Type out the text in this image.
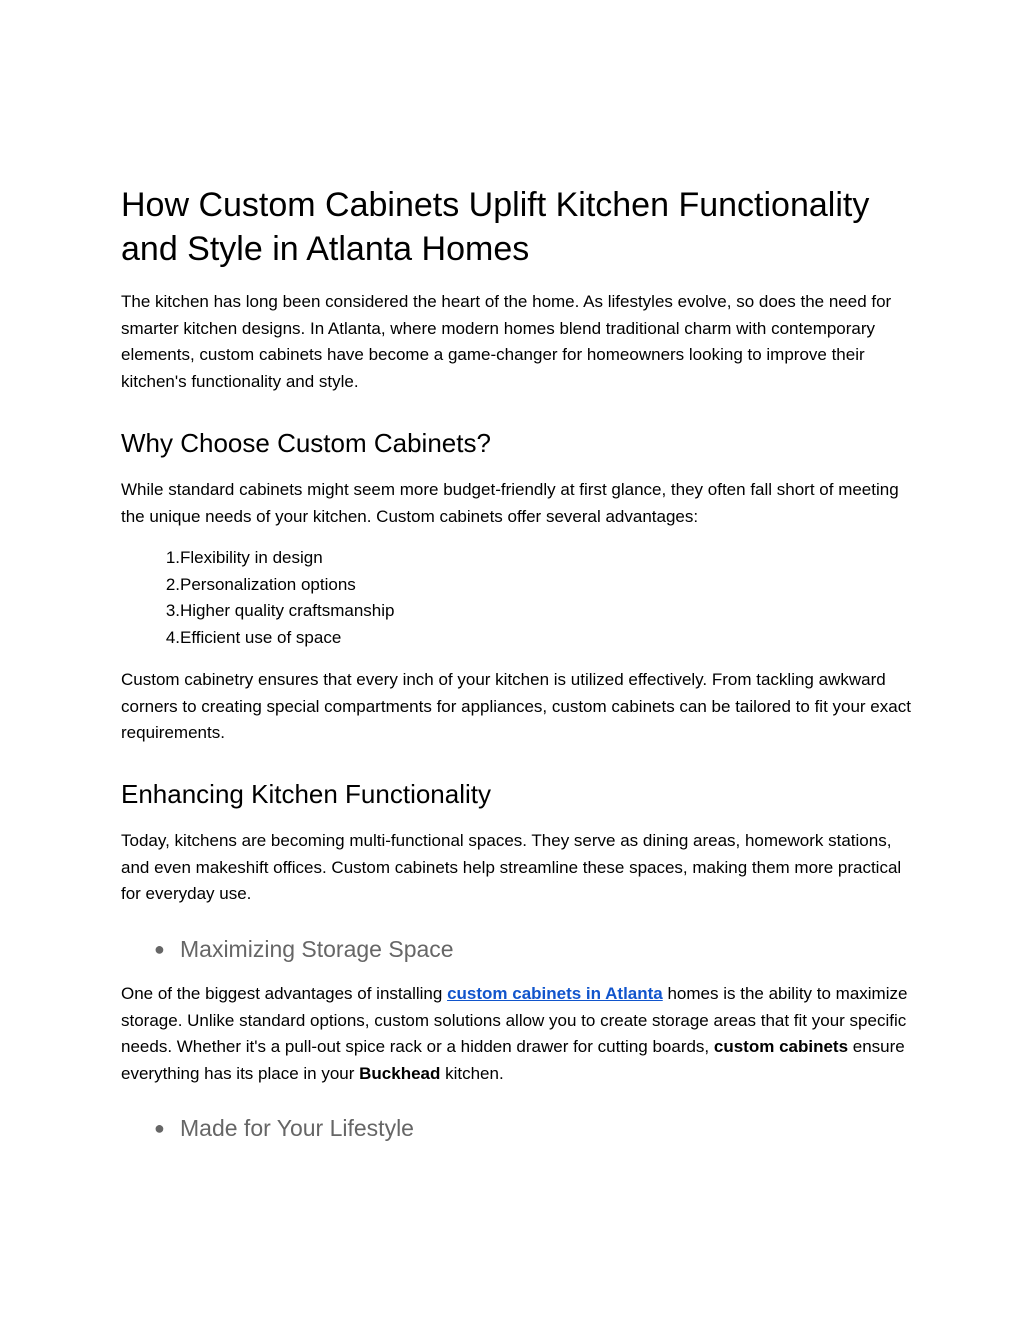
How Custom Cabinets Uplift Kitchen Functionality and Style in Atlanta Homes

The kitchen has long been considered the heart of the home. As lifestyles evolve, so does the need for smarter kitchen designs. In Atlanta, where modern homes blend traditional charm with contemporary elements, custom cabinets have become a game-changer for homeowners looking to improve their kitchen's functionality and style.

Why Choose Custom Cabinets?

While standard cabinets might seem more budget-friendly at first glance, they often fall short of meeting the unique needs of your kitchen. Custom cabinets offer several advantages:

1. Flexibility in design
2. Personalization options
3. Higher quality craftsmanship
4. Efficient use of space

Custom cabinetry ensures that every inch of your kitchen is utilized effectively. From tackling awkward corners to creating special compartments for appliances, custom cabinets can be tailored to fit your exact requirements.

Enhancing Kitchen Functionality

Today, kitchens are becoming multi-functional spaces. They serve as dining areas, homework stations, and even makeshift offices. Custom cabinets help streamline these spaces, making them more practical for everyday use.

● Maximizing Storage Space

One of the biggest advantages of installing custom cabinets in Atlanta homes is the ability to maximize storage. Unlike standard options, custom solutions allow you to create storage areas that fit your specific needs. Whether it's a pull-out spice rack or a hidden drawer for cutting boards, custom cabinets ensure everything has its place in your Buckhead kitchen.

● Made for Your Lifestyle
